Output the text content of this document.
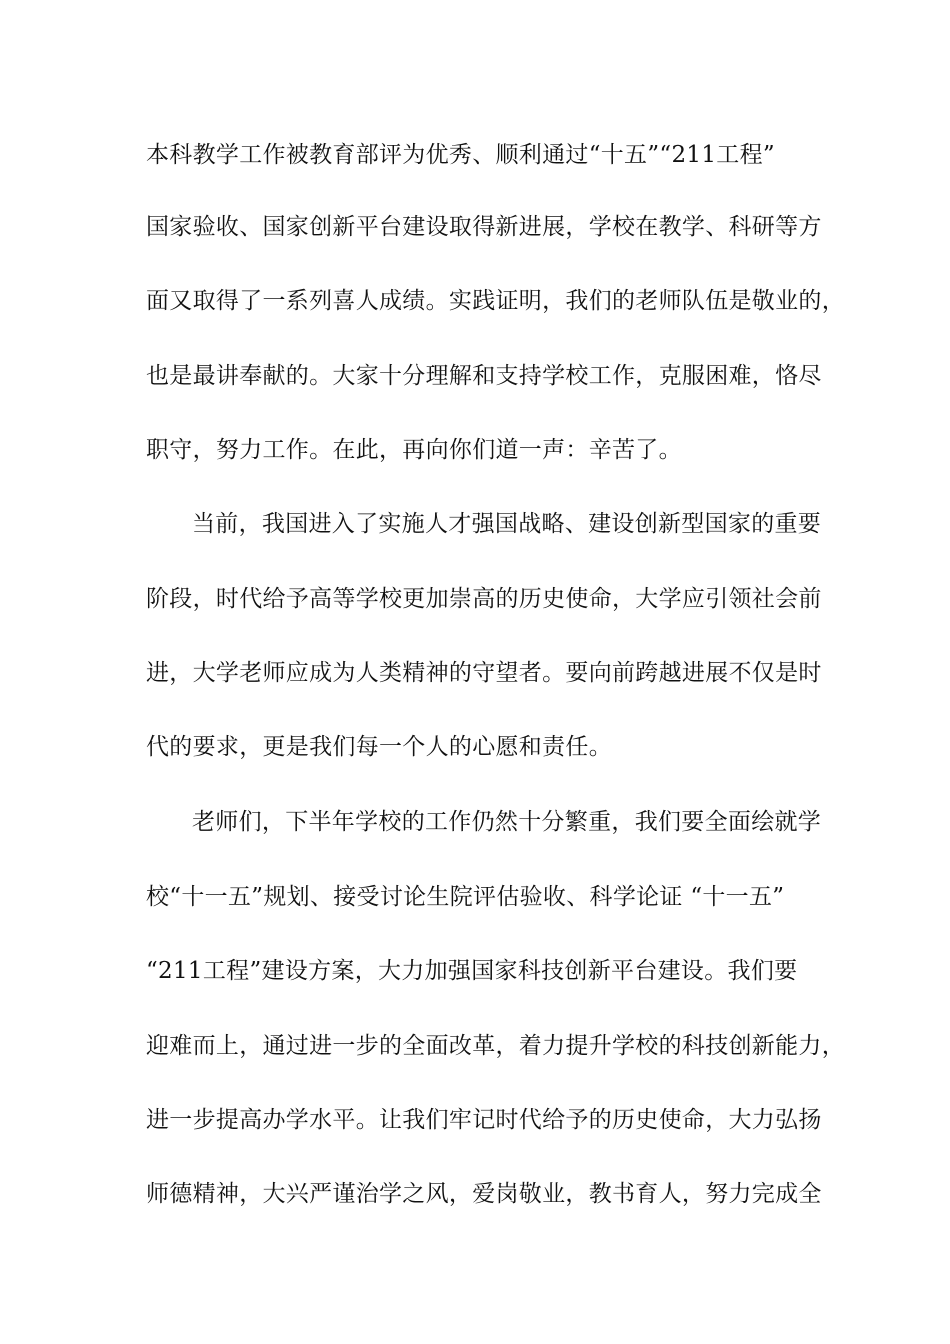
本科教学工作被教育部评为优秀、顺利通过“十五”“211工程”
国家验收、国家创新平台建设取得新进展，学校在教学、科研等方
面又取得了一系列喜人成绩。实践证明，我们的老师队伍是敬业的，
也是最讲奉献的。大家十分理解和支持学校工作，克服困难，恪尽
职守，努力工作。在此，再向你们道一声：辛苦了。
当前，我国进入了实施人才强国战略、建设创新型国家的重要
阶段，时代给予高等学校更加崇高的历史使命，大学应引领社会前
进，大学老师应成为人类精神的守望者。要向前跨越进展不仅是时
代的要求，更是我们每一个人的心愿和责任。
老师们，下半年学校的工作仍然十分繁重，我们要全面绘就学
校“十一五”规划、接受讨论生院评估验收、科学论证 “十一五”
“211工程”建设方案，大力加强国家科技创新平台建设。我们要
迎难而上，通过进一步的全面改革，着力提升学校的科技创新能力，
进一步提高办学水平。让我们牢记时代给予的历史使命，大力弘扬
师德精神，大兴严谨治学之风，爱岗敬业，教书育人，努力完成全
